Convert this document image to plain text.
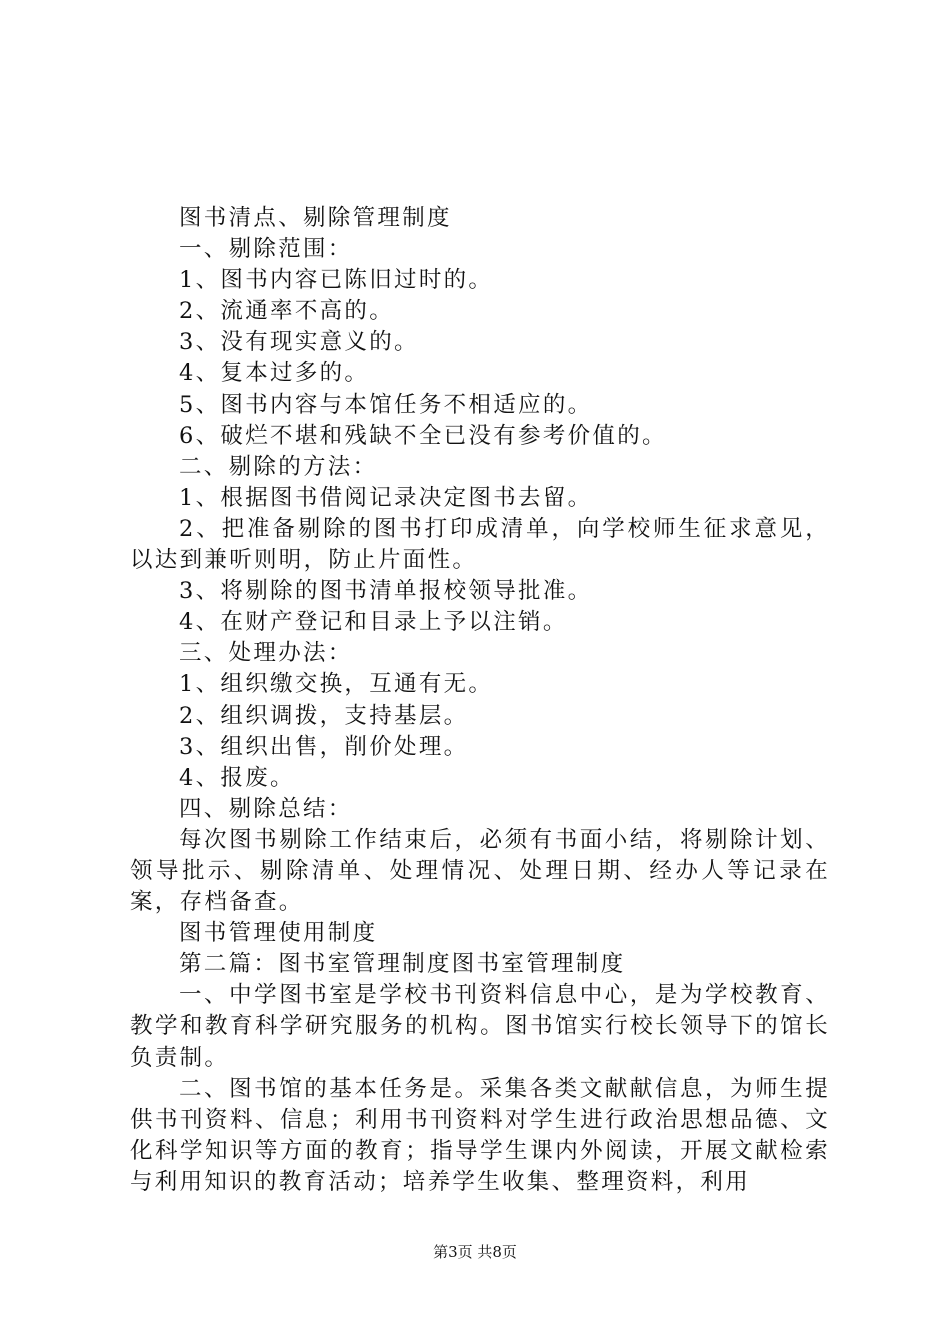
图书清点、剔除管理制度

一、剔除范围：

1、图书内容已陈旧过时的。

2、流通率不高的。

3、没有现实意义的。

4、复本过多的。

5、图书内容与本馆任务不相适应的。

6、破烂不堪和残缺不全已没有参考价值的。

二、剔除的方法：

1、根据图书借阅记录决定图书去留。

2、把准备剔除的图书打印成清单，向学校师生征求意见，以达到兼听则明，防止片面性。

3、将剔除的图书清单报校领导批准。

4、在财产登记和目录上予以注销。

三、处理办法：

1、组织缴交换，互通有无。

2、组织调拨，支持基层。

3、组织出售，削价处理。

4、报废。

四、剔除总结：

每次图书剔除工作结束后，必须有书面小结，将剔除计划、领导批示、剔除清单、处理情况、处理日期、经办人等记录在案，存档备查。

图书管理使用制度

第二篇：图书室管理制度图书室管理制度

一、中学图书室是学校书刊资料信息中心，是为学校教育、教学和教育科学研究服务的机构。图书馆实行校长领导下的馆长负责制。

二、图书馆的基本任务是。采集各类文献献信息，为师生提供书刊资料、信息；利用书刊资料对学生进行政治思想品德、文化科学知识等方面的教育；指导学生课内外阅读，开展文献检索与利用知识的教育活动；培养学生收集、整理资料，利用

第3页 共8页
